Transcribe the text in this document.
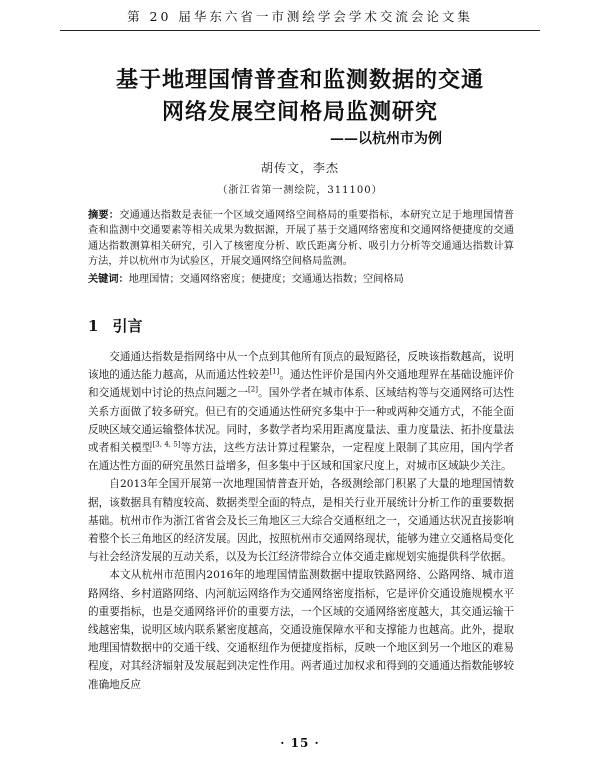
第 20 届华东六省一市测绘学会学术交流会论文集
基于地理国情普查和监测数据的交通
网络发展空间格局监测研究
——以杭州市为例
胡传文，李杰
（浙江省第一测绘院，311100）
摘要：交通通达指数是表征一个区域交通网络空间格局的重要指标，本研究立足于地理国情普查和监测中交通要素等相关成果为数据源，开展了基于交通网络密度和交通网络便捷度的交通通达指数测算相关研究，引入了核密度分析、欧氏距离分析、吸引力分析等交通通达指数计算方法，并以杭州市为试验区，开展交通网络空间格局监测。
关键词：地理国情；交通网络密度；便捷度；交通通达指数；空间格局
1 引言

交通通达指数是指网络中从一个点到其他所有顶点的最短路径，反映该指数越高，说明该地的通达能力越高，从而通达性较差[1]。通达性评价是国内外交通地理界在基础设施评价和交通规划中讨论的热点问题之一[2]。国外学者在城市体系、区域结构等与交通网络可达性关系方面做了较多研究。但已有的交通通达性研究多集中于一种或两种交通方式，不能全面反映区域交通运输整体状况。同时，多数学者均采用距离度量法、重力度量法、拓扑度量法或者相关模型[3, 4, 5]等方法，这些方法计算过程繁杂，一定程度上限制了其应用，国内学者在通达性方面的研究虽然日益增多，但多集中于区域和国家尺度上，对城市区域缺少关注。

自2013年全国开展第一次地理国情普查开始，各级测绘部门积累了大量的地理国情数据，该数据具有精度较高、数据类型全面的特点，是相关行业开展统计分析工作的重要数据基础。杭州市作为浙江省省会及长三角地区三大综合交通枢纽之一，交通通达状况直接影响着整个长三角地区的经济发展。因此，按照杭州市交通网络现状，能够为建立交通格局变化与社会经济发展的互动关系，以及为长江经济带综合立体交通走廊规划实施提供科学依据。

本文从杭州市范围内2016年的地理国情监测数据中提取铁路网络、公路网络、城市道路网络、乡村道路网络、内河航运网络作为交通网络密度指标，它是评价交通设施规模水平的重要指标，也是交通网络评价的重要方法，一个区域的交通网络密度越大，其交通运输干线越密集，说明区域内联系紧密度越高，交通设施保障水平和支撑能力也越高。此外，提取地理国情数据中的交通干线、交通枢纽作为便捷度指标，反映一个地区到另一个地区的难易程度，对其经济辐射及发展起到决定性作用。两者通过加权求和得到的交通通达指数能够较准确地反应

· 15 ·
